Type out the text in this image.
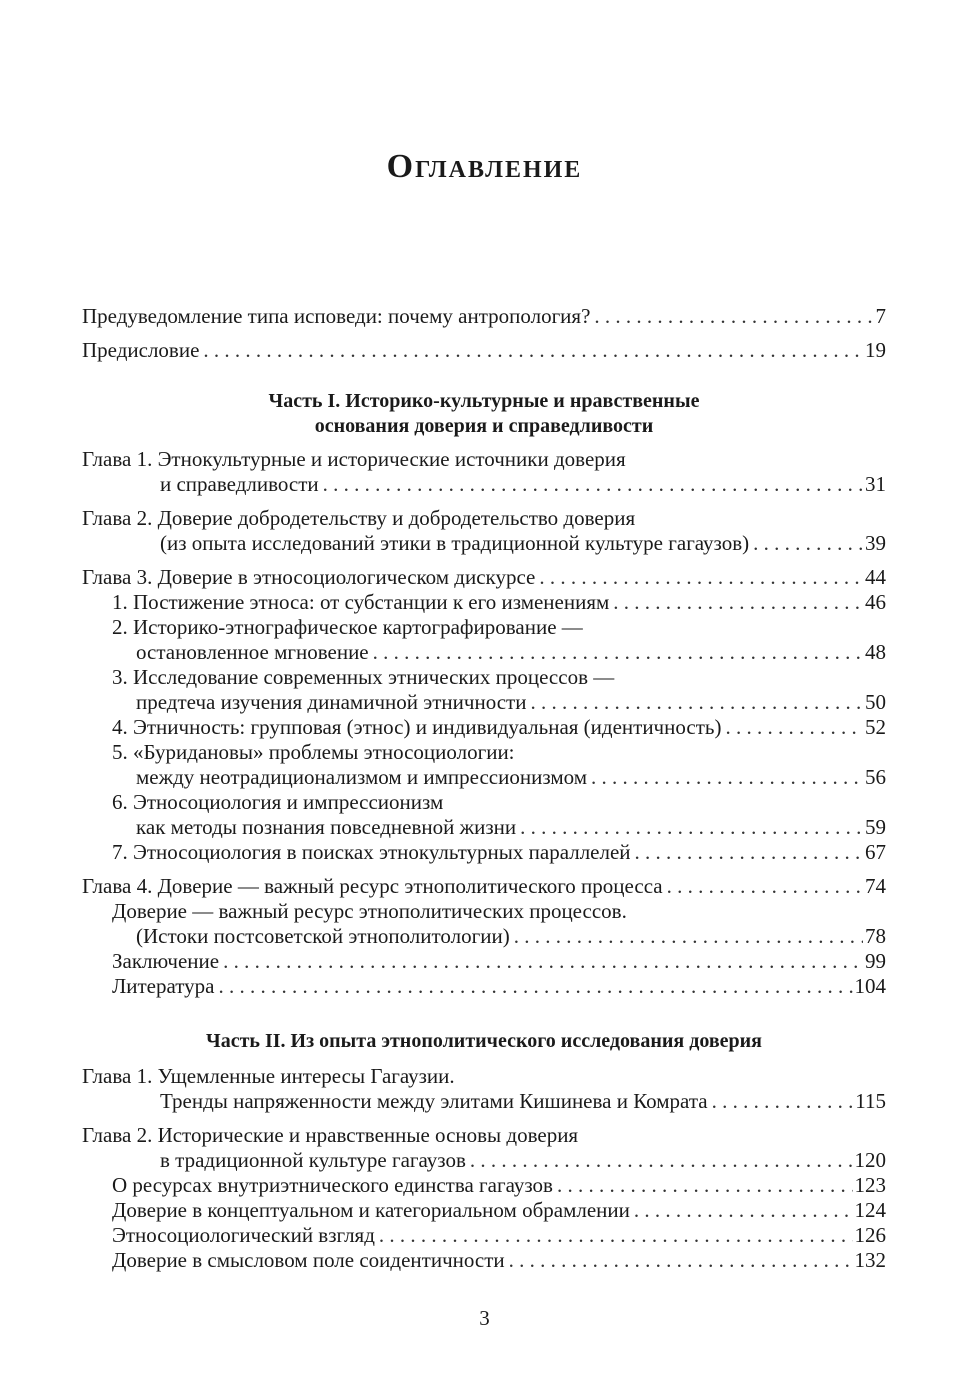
Оглавление
Предуведомление типа исповеди: почему антропология? . . .	7
Предисловие . . .	19
Часть I. Историко-культурные и нравственные
основания доверия и справедливости
Глава 1. Этнокультурные и исторические источники доверия
и справедливости . . .	31
Глава 2. Доверие добродетельству и добродетельство доверия
(из опыта исследований этики в традиционной культуре гагаузов) . . .	39
Глава 3. Доверие в этносоциологическом дискурсе . . .	44
1. Постижение этноса: от субстанции к его изменениям . . .	46
2. Историко-этнографическое картографирование —
остановленное мгновение . . .	48
3. Исследование современных этнических процессов —
предтеча изучения динамичной этничности . . .	50
4. Этничность: групповая (этнос) и индивидуальная (идентичность) . . .	52
5. «Буридановы» проблемы этносоциологии:
между неотрадиционализмом и импрессионизмом . . .	56
6. Этносоциология и импрессионизм
как методы познания повседневной жизни . . .	59
7. Этносоциология в поисках этнокультурных параллелей . . .	67
Глава 4. Доверие — важный ресурс этнополитического процесса . . .	74
Доверие — важный ресурс этнополитических процессов.
(Истоки постсоветской этнополитологии) . . .	78
Заключение . . .	99
Литература . . .	104
Часть II. Из опыта этнополитического исследования доверия
Глава 1. Ущемленные интересы Гагаузии.
Тренды напряженности между элитами Кишинева и Комрата . . .	115
Глава 2. Исторические и нравственные основы доверия
в традиционной культуре гагаузов . . .	120
О ресурсах внутриэтнического единства гагаузов . . .	123
Доверие в концептуальном и категориальном обрамлении . . .	124
Этносоциологический взгляд . . .	126
Доверие в смысловом поле соидентичности . . .	132
3
